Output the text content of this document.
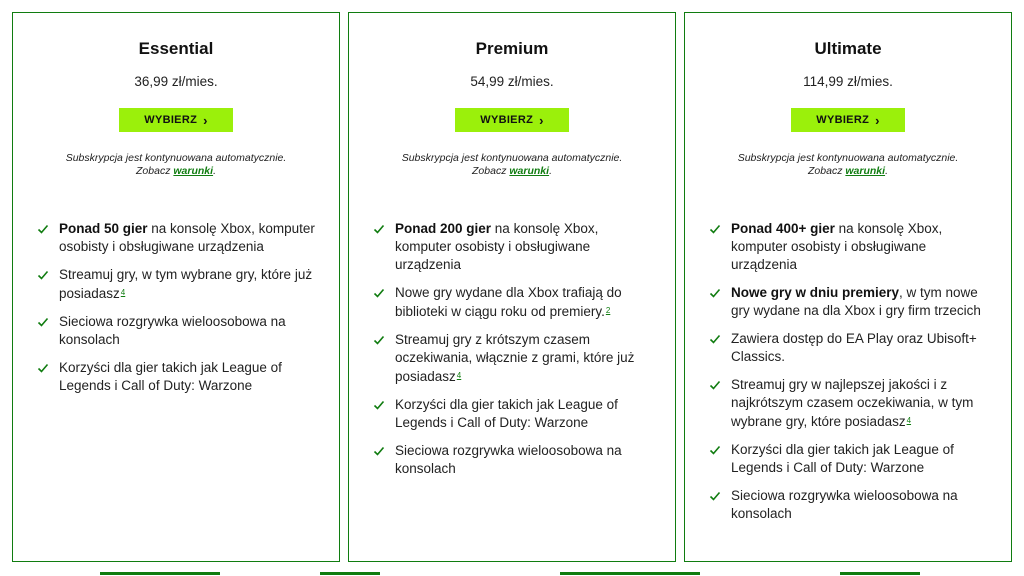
Essential
36,99 zł/mies.
WYBIERZ ›
Subskrypcja jest kontynuowana automatycznie.
Zobacz warunki.
Ponad 50 gier na konsolę Xbox, komputer osobisty i obsługiwane urządzenia
Streamuj gry, w tym wybrane gry, które już posiadasz$^4$
Sieciowa rozgrywka wieloosobowa na konsolach
Korzyści dla gier takich jak League of Legends i Call of Duty: Warzone
Premium
54,99 zł/mies.
WYBIERZ ›
Subskrypcja jest kontynuowana automatycznie.
Zobacz warunki.
Ponad 200 gier na konsolę Xbox, komputer osobisty i obsługiwane urządzenia
Nowe gry wydane dla Xbox trafiają do biblioteki w ciągu roku od premiery.$^2$
Streamuj gry z krótszym czasem oczekiwania, włącznie z grami, które już posiadasz$^4$
Korzyści dla gier takich jak League of Legends i Call of Duty: Warzone
Sieciowa rozgrywka wieloosobowa na konsolach
Ultimate
114,99 zł/mies.
WYBIERZ ›
Subskrypcja jest kontynuowana automatycznie.
Zobacz warunki.
Ponad 400+ gier na konsolę Xbox, komputer osobisty i obsługiwane urządzenia
Nowe gry w dniu premiery, w tym nowe gry wydane na dla Xbox i gry firm trzecich
Zawiera dostęp do EA Play oraz Ubisoft+ Classics.
Streamuj gry w najlepszej jakości i z najkrótszym czasem oczekiwania, w tym wybrane gry, które posiadasz$^4$
Korzyści dla gier takich jak League of Legends i Call of Duty: Warzone
Sieciowa rozgrywka wieloosobowa na konsolach
